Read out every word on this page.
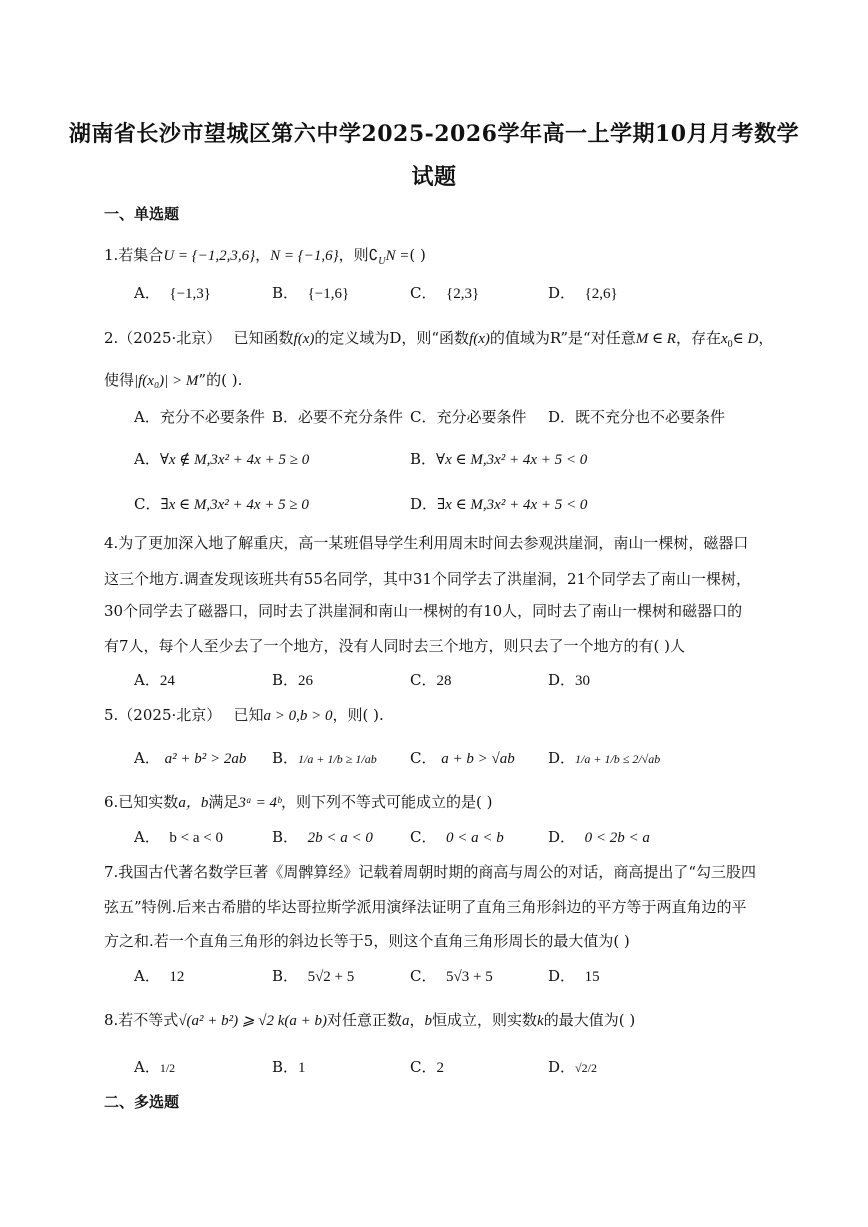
湖南省长沙市望城区第六中学2025-2026学年高一上学期10月月考数学
试题
一、单选题
1.若集合U = {−1,2,3,6}，N = {−1,6}，则$∁_UN$ =( )
A． {−1,3}	B． {−1,6}	C． {2,3}	D． {2,6}
2.（2025·北京）　 已知函数f(x)的定义域为D，则“函数f(x)的值域为R”是“对任意M ∈ R，存在$x_0\in$ D，
使得|f(x₀)| > M”的( ).
A．充分不必要条件 B．必要不充分条件 C．充分必要条件 D．既不充分也不必要条件
A．∀x ∉ M,3x² + 4x + 5 ≥ 0	B．∀x ∈ M,3x² + 4x + 5 < 0
C．∃x ∈ M,3x² + 4x + 5 ≥ 0	D．∃x ∈ M,3x² + 4x + 5 < 0
4.为了更加深入地了解重庆，高一某班倡导学生利用周末时间去参观洪崖洞，南山一棵树，磁器口
这三个地方.调查发现该班共有55名同学，其中31个同学去了洪崖洞，21个同学去了南山一棵树，
30个同学去了磁器口，同时去了洪崖洞和南山一棵树的有10人，同时去了南山一棵树和磁器口的
有7人，每个人至少去了一个地方，没有人同时去三个地方，则只去了一个地方的有( )人
A．24	B．26	C．28	D．30
5.（2025·北京）　 已知a > 0,b > 0，则( ).
A． a² + b² > 2ab B．1/a + 1/b ≥ 1/ab C． a + b > √ab D．1/a + 1/b ≤ 2/√ab
6.已知实数a，b满足3ᵃ = 4ᵇ，则下列不等式可能成立的是( )
A． b < a < 0	B． 2b < a < 0 C． 0 < a < b	D． 0 < 2b < a
7.我国古代著名数学巨著《周髀算经》记载着周朝时期的商高与周公的对话，商高提出了“勾三股四
弦五”特例.后来古希腊的毕达哥拉斯学派用演绎法证明了直角三角形斜边的平方等于两直角边的平
方之和.若一个直角三角形的斜边长等于5，则这个直角三角形周长的最大值为( )
A． 12	B． 5√2 + 5	C． 5√3 + 5	D． 15
8.若不等式√(a² + b²) ⩾ √2 k(a + b)对任意正数a，b恒成立，则实数k的最大值为( )
A．1/2	B．1	C．2	D．√2/2
二、多选题
